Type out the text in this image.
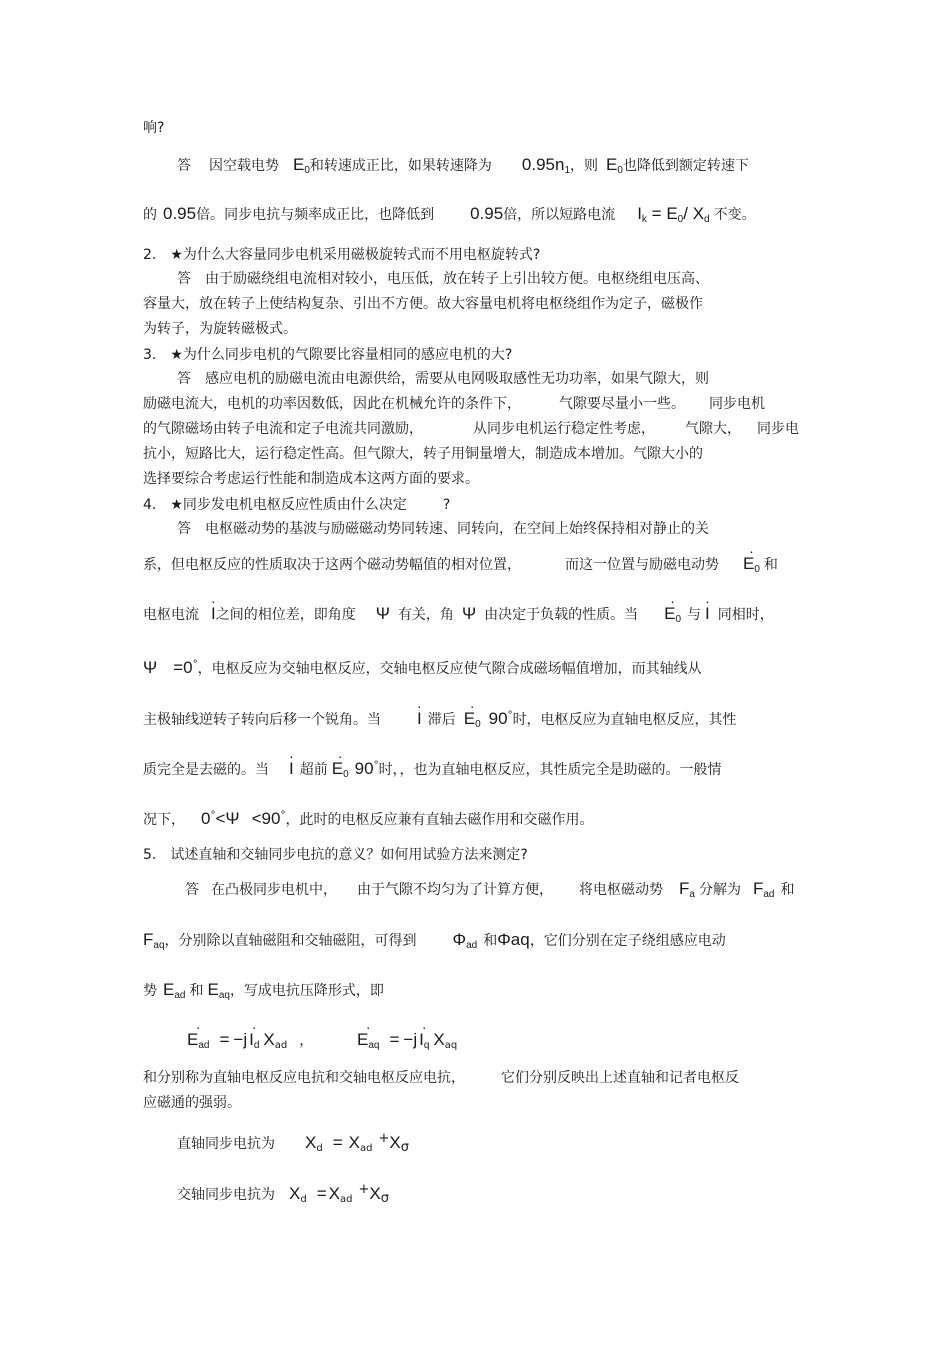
响?
答 因空载电势 $E_0$和转速成正比，如果转速降为 $0.95n_1$，则 $E_0$也降低到额定转速下
的 0.95倍。同步电抗与频率成正比，也降低到 0.95倍，所以短路电流 $I_k = E_0/$ $X_d$ 不变。
2.　★为什么大容量同步电机采用磁极旋转式而不用电枢旋转式?
答　由于励磁绕组电流相对较小，电压低，放在转子上引出较方便。电枢绕组电压高、
容量大，放在转子上使结构复杂、引出不方便。故大容量电机将电枢绕组作为定子，磁极作
为转子，为旋转磁极式。
3.　★为什么同步电机的气隙要比容量相同的感应电机的大?
答　感应电机的励磁电流由电源供给，需要从电网吸取感性无功功率，如果气隙大，则
励磁电流大，电机的功率因数低，因此在机械允许的条件下，	气隙要尽量小一些。 同步电机
的气隙磁场由转子电流和定子电流共同激励，	从同步电机运行稳定性考虑， 气隙大， 同步电
抗小，短路比大，运行稳定性高。但气隙大，转子用铜量增大，制造成本增加。气隙大小的
选择要综合考虑运行性能和制造成本这两方面的要求。
4.　★同步发电机电枢反应性质由什么决定	?
答　电枢磁动势的基波与励磁磁动势同转速、同转向，在空间上始终保持相对静止的关
系，但电枢反应的性质取决于这两个磁动势幅值的相对位置，	而这一位置与励磁电动势 · $E_0$ 和
电枢电流 · I之间的相位差，即角度 Ψ 有关，角 Ψ 由决定于负载的性质。当 · $E_0$ 与 · I 同相时，
Ψ =0°，电枢反应为交轴电枢反应，交轴电枢反应使气隙合成磁场幅值增加，而其轴线从
主极轴线逆转子转向后移一个锐角。当 · I 滞后 · $E_0$ 90°时，电枢反应为直轴电枢反应，其性
质完全是去磁的。当 · I 超前 · $E_0$ 90°时，，也为直轴电枢反应，其性质完全是助磁的。一般情
况下， 0°<Ψ <90°，此时的电枢反应兼有直轴去磁作用和交磁作用。
5.　试述直轴和交轴同步电抗的意义？如何用试验方法来测定?
答 在凸极同步电机中， 由于气隙不均匀为了计算方便， 将电枢磁动势 $F_a$ 分解为 $F_{ad}$ 和
$F_{aq}$，分别除以直轴磁阻和交轴磁阻，可得到 $\Phi_{ad}$ 和Φaq，它们分别在定子绕组感应电动
势 $E_{ad}$ 和 $E_{aq}$，写成电抗压降形式，即
· $E_{ad} = -j \cdot I_d$ $X_{ad}$ ，	· $E_{aq} = -j \cdot I_q$ $X_{aq}$
和分别称为直轴电枢反应电抗和交轴电枢反应电抗，	它们分别反映出上述直轴和记者电枢反
应磁通的强弱。
直轴同步电抗为 $X_d = X_{ad}^+X_\sigma$
交轴同步电抗为 $X_d = X_{ad}^+X_\sigma$
